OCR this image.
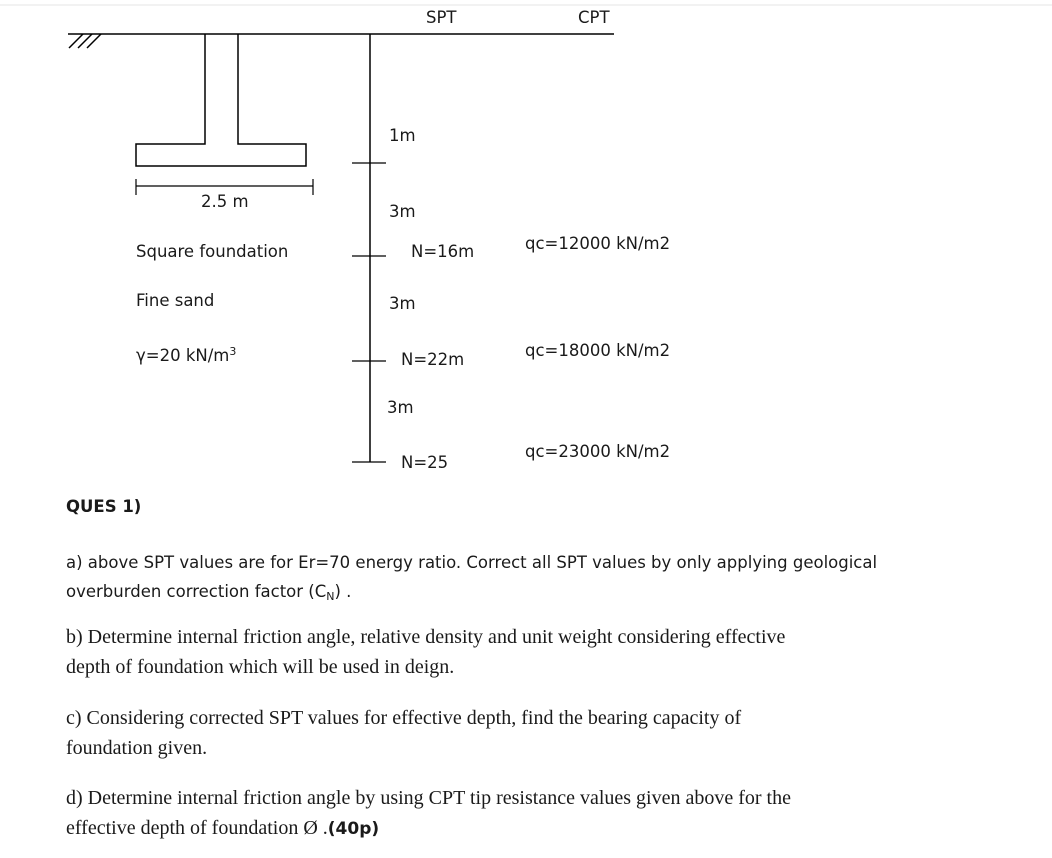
SPT	CPT
2.5 m
Square foundation
Fine sand
γ=20 $kN/m^3$
1m
3m
3m
3m
N=16m
N=22m
N=25
qc=12000 kN/m2
qc=18000 kN/m2
qc=23000 kN/m2
QUES 1)
a) above SPT values are for Er=70 energy ratio. Correct all SPT values by only applying geological
overburden correction factor $(C_N)$ .
b) Determine internal friction angle, relative density and unit weight considering effective
depth of foundation which will be used in deign.
c) Considering corrected SPT values for effective depth, find the bearing capacity of
foundation given.
d) Determine internal friction angle by using CPT tip resistance values given above for the
effective depth of foundation Ø .(40p)
